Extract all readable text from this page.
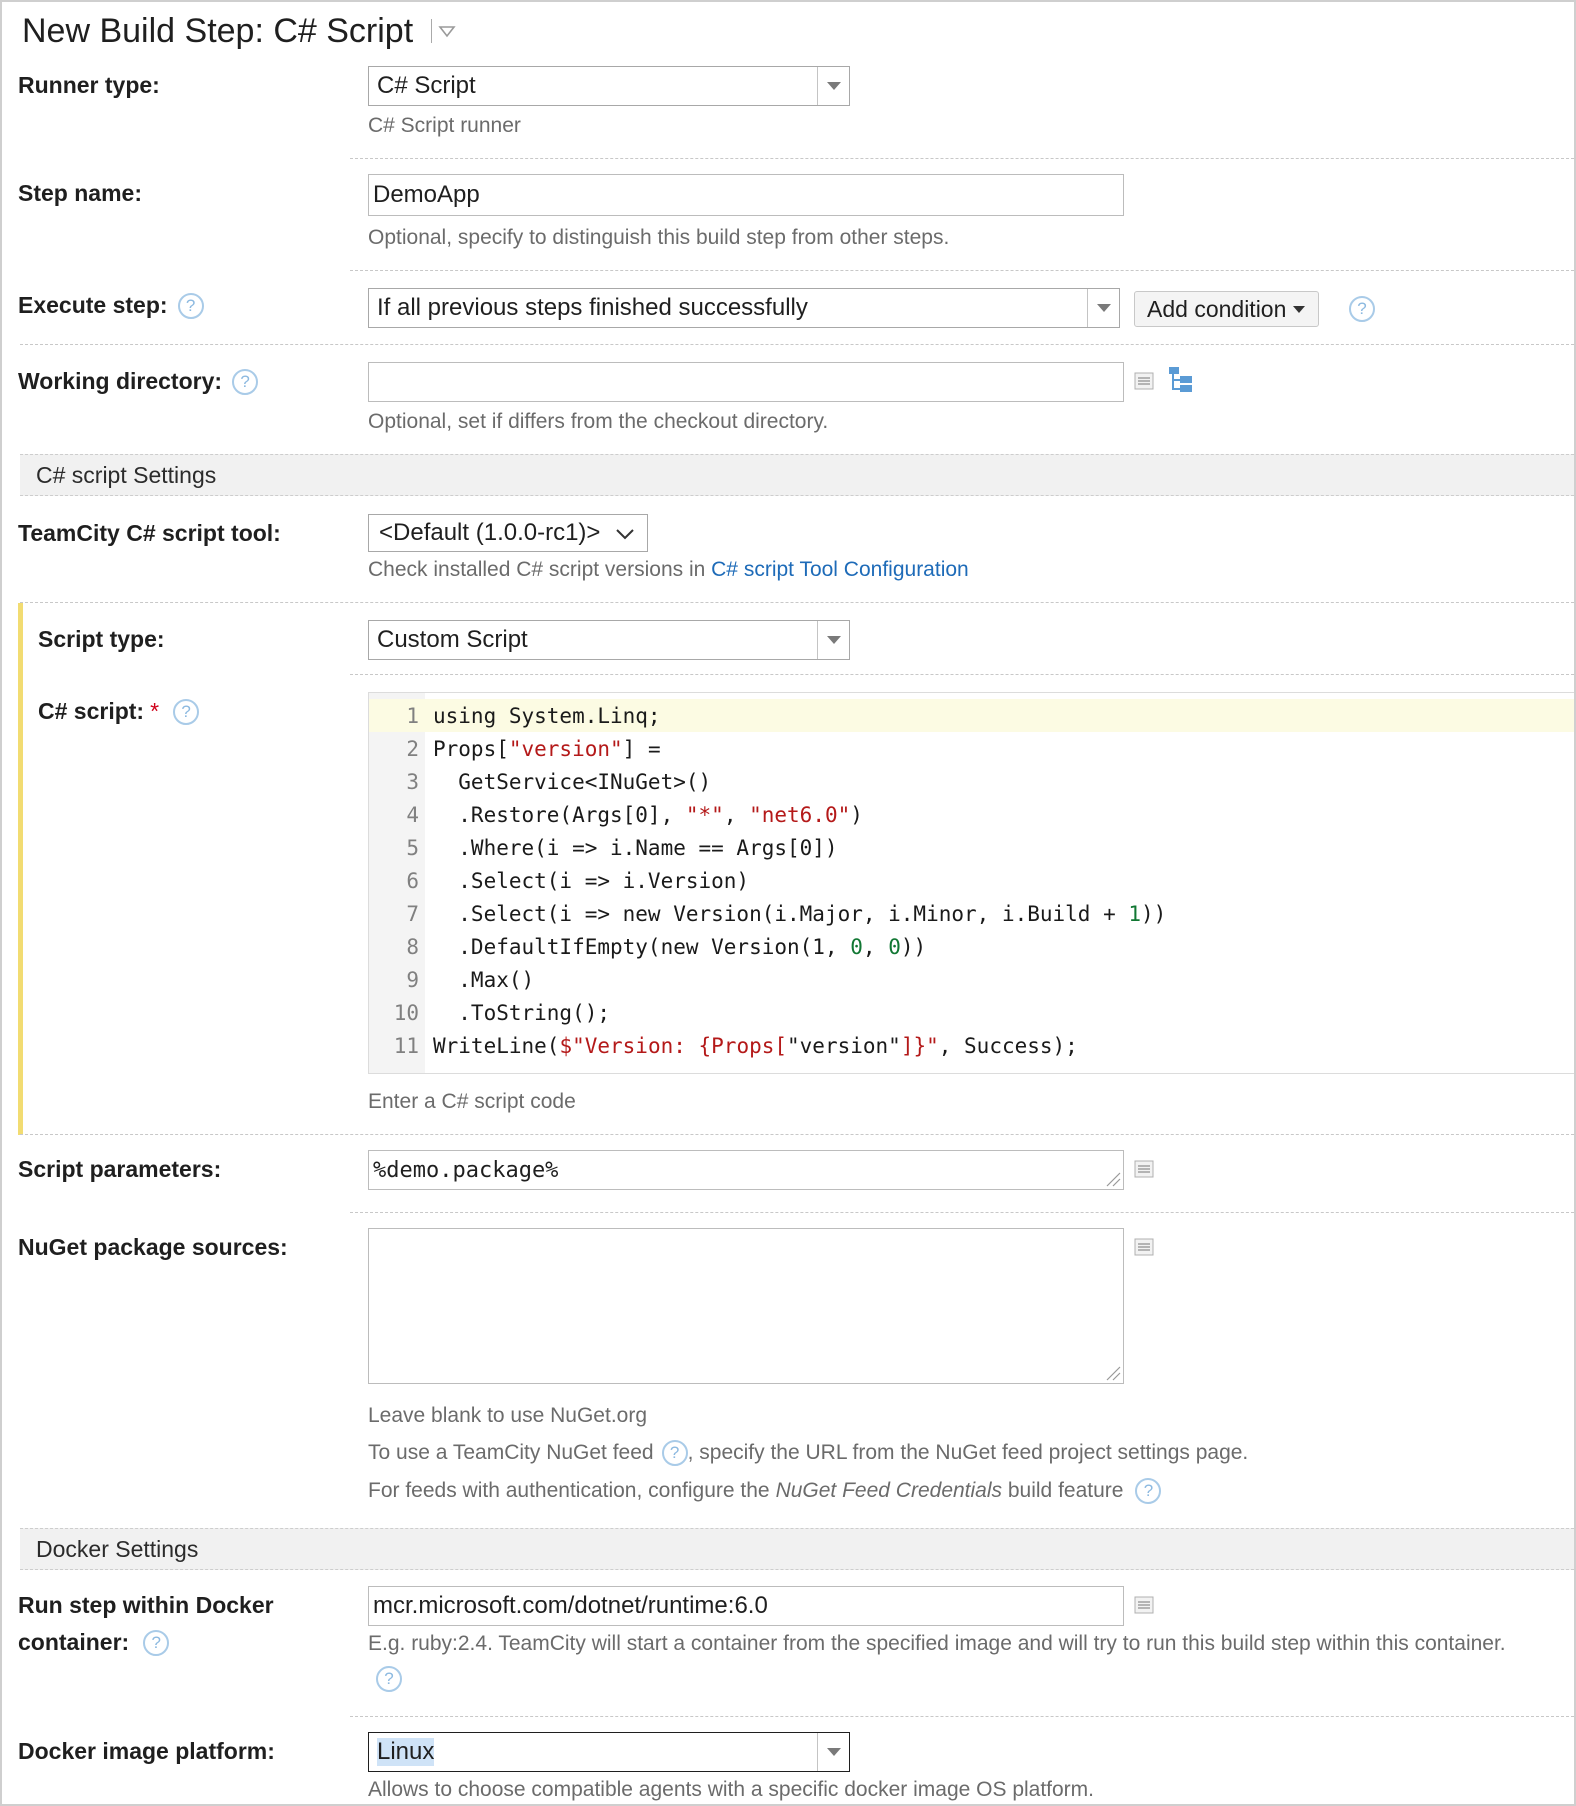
New Build Step: C# Script
Runner type:	C# Script
C# Script runner
Step name:	DemoApp
Optional, specify to distinguish this build step from other steps.
Execute step:	?	If all previous steps finished successfully	Add condition	?
Working directory:	?
Optional, set if differs from the checkout directory.
C# script Settings
TeamCity C# script tool:	<Default (1.0.0-rc1)>
Check installed C# script versions in C# script Tool Configuration
Script type:	Custom Script
C# script: *	?	1 using System.Linq;
2 Props["version"] =
3 GetService<INuGet>()
4 .Restore(Args[0], "*", "net6.0")
5 .Where(i => i.Name == Args[0])
6 .Select(i => i.Version)
7 .Select(i => new Version(i.Major, i.Minor, i.Build + 1))
8 .DefaultIfEmpty(new Version(1, 0, 0))
9 .Max()
10 .ToString();
11 WriteLine($"Version: {Props["version"]}", Success);
Enter a C# script code
Script parameters:	%demo.package%
NuGet package sources:
Leave blank to use NuGet.org
To use a TeamCity NuGet feed ? , specify the URL from the NuGet feed project settings page.
For feeds with authentication, configure the NuGet Feed Credentials build feature	?
Docker Settings
Run step within Docker
container:	?
mcr.microsoft.com/dotnet/runtime:6.0
E.g. ruby:2.4. TeamCity will start a container from the specified image and will try to run this build step within this container.
?
Docker image platform:	Linux
Allows to choose compatible agents with a specific docker image OS platform.
